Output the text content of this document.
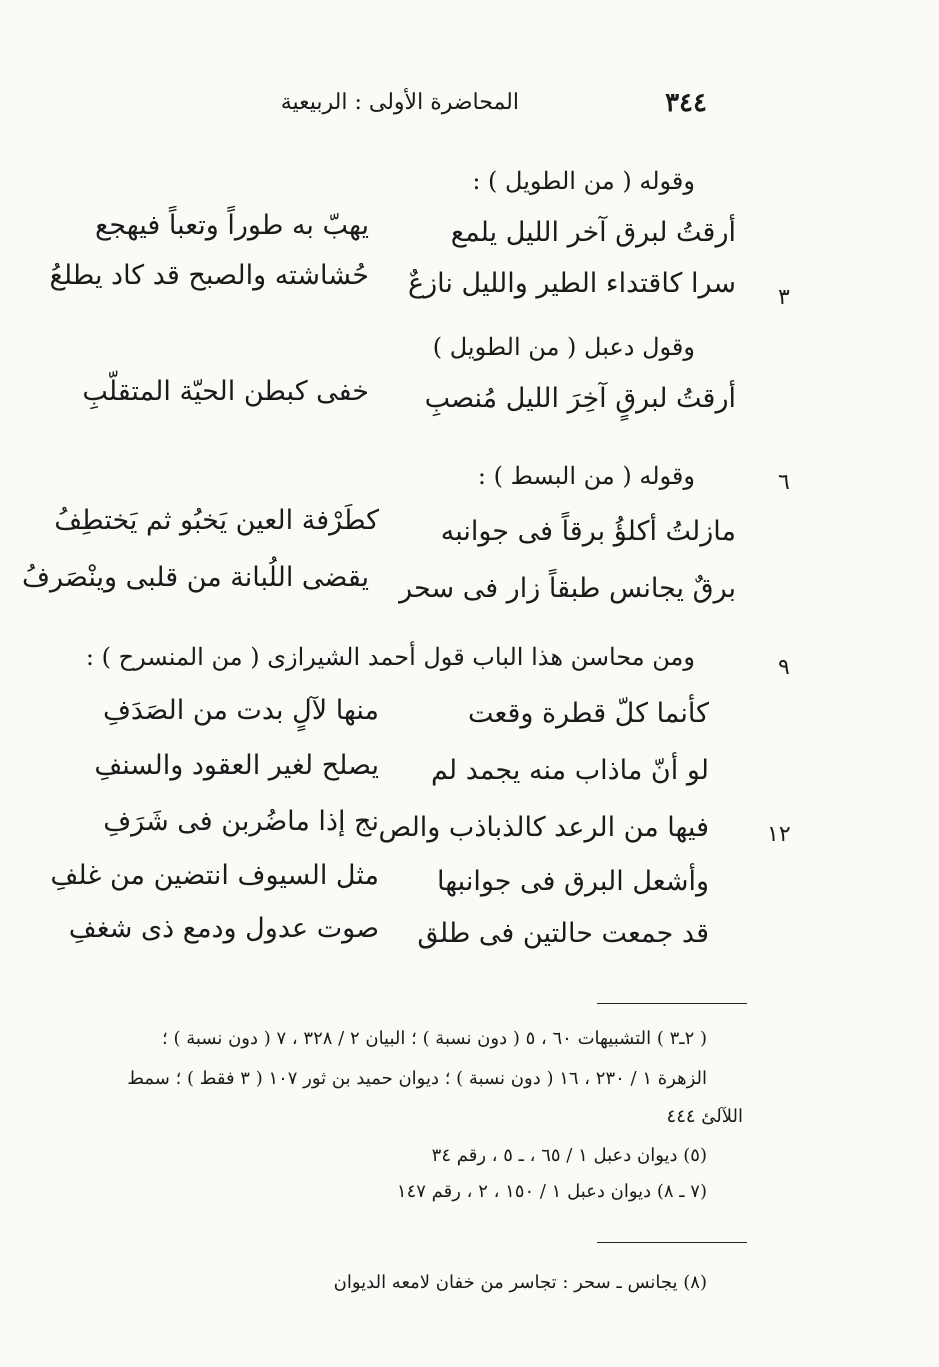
٣٤٤
المحاضرة الأولى : الربيعية
وقوله ( من الطويل ) :
أرقتُ لبرق آخر الليل يلمع
يهبّ به طوراً وتعباً فيهجع
سرا كاقتداء الطير والليل نازعٌ
حُشاشته والصبح قد كاد يطلعُ
٣
وقول دعبل ( من الطويل )
أرقتُ لبرقٍ آخِرَ الليل مُنصبِ
خفى كبطن الحيّة المتقلّبِ
٦
وقوله ( من البسط ) :
مازلتُ أكلؤُ برقاً فى جوانبه
كطَرْفة العين يَخبُو ثم يَختطِفُ
برقٌ يجانس طبقاً زار فى سحر
يقضى اللُبانة من قلبى وينْصَرفُ
٩
ومن محاسن هذا الباب قول أحمد الشيرازى ( من المنسرح ) :
كأنما كلّ قطرة وقعت
منها لآلٍ بدت من الصَدَفِ
لو أنّ ماذاب منه يجمد لم
يصلح لغير العقود والسنفِ
فيها من الرعد كالذباذب والص
نج إذا ماضُربن فى شَرَفِ	١٢
وأشعل البرق فى جوانبها
مثل السيوف انتضين من غلفِ
قد جمعت حالتين فى طلق
صوت عدول ودمع ذى شغفِ
( ٢ـ٣ ) التشبيهات ٦٠ ، ٥ ( دون نسبة ) ؛ البيان ٢ / ٣٢٨ ، ٧ ( دون نسبة ) ؛
الزهرة ١ / ٢٣٠ ، ١٦ ( دون نسبة ) ؛ ديوان حميد بن ثور ١٠٧ ( ٣ فقط ) ؛ سمط
اللآلئ ٤٤٤
(٥) ديوان دعبل ١ / ٦٥ ، ـ ٥ ، رقم ٣٤
(٧ ـ ٨) ديوان دعبل ١ / ١٥٠ ، ٢ ، رقم ١٤٧
(٨) يجانس ـ سحر : تجاسر من خفان لامعه الديوان
